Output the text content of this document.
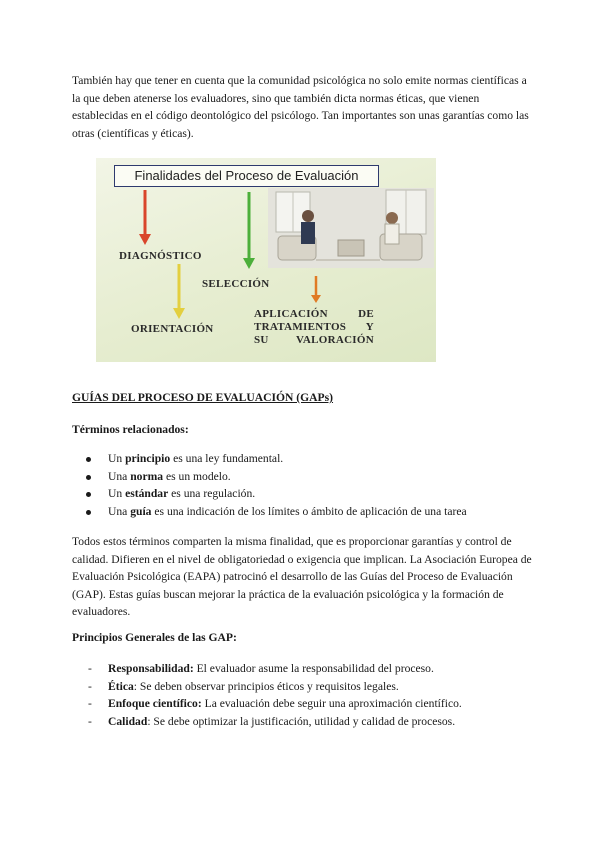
También hay que tener en cuenta que la comunidad psicológica no solo emite normas científicas a la que deben atenerse los evaluadores, sino que también dicta normas éticas, que vienen establecidas en el código deontológico del psicólogo. Tan importantes son unas garantías como las otras (científicas y éticas).

Finalidades del Proceso de Evaluación

DIAGNÓSTICO

SELECCIÓN

ORIENTACIÓN

APLICACIÓN DE TRATAMIENTOS Y SU VALORACIÓN

GUÍAS DEL PROCESO DE EVALUACIÓN (GAPs)

Términos relacionados:

Un principio es una ley fundamental.
Una norma es un modelo.
Un estándar es una regulación.
Una guía es una indicación de los límites o ámbito de aplicación de una tarea

Todos estos términos comparten la misma finalidad, que es proporcionar garantías y control de calidad. Difieren en el nivel de obligatoriedad o exigencia que implican. La Asociación Europea de Evaluación Psicológica (EAPA) patrocinó el desarrollo de las Guías del Proceso de Evaluación (GAP). Estas guías buscan mejorar la práctica de la evaluación psicológica y la formación de evaluadores.

Principios Generales de las GAP:

- Responsabilidad: El evaluador asume la responsabilidad del proceso.
- Ética: Se deben observar principios éticos y requisitos legales.
- Enfoque científico: La evaluación debe seguir una aproximación científico.
- Calidad: Se debe optimizar la justificación, utilidad y calidad de procesos.
